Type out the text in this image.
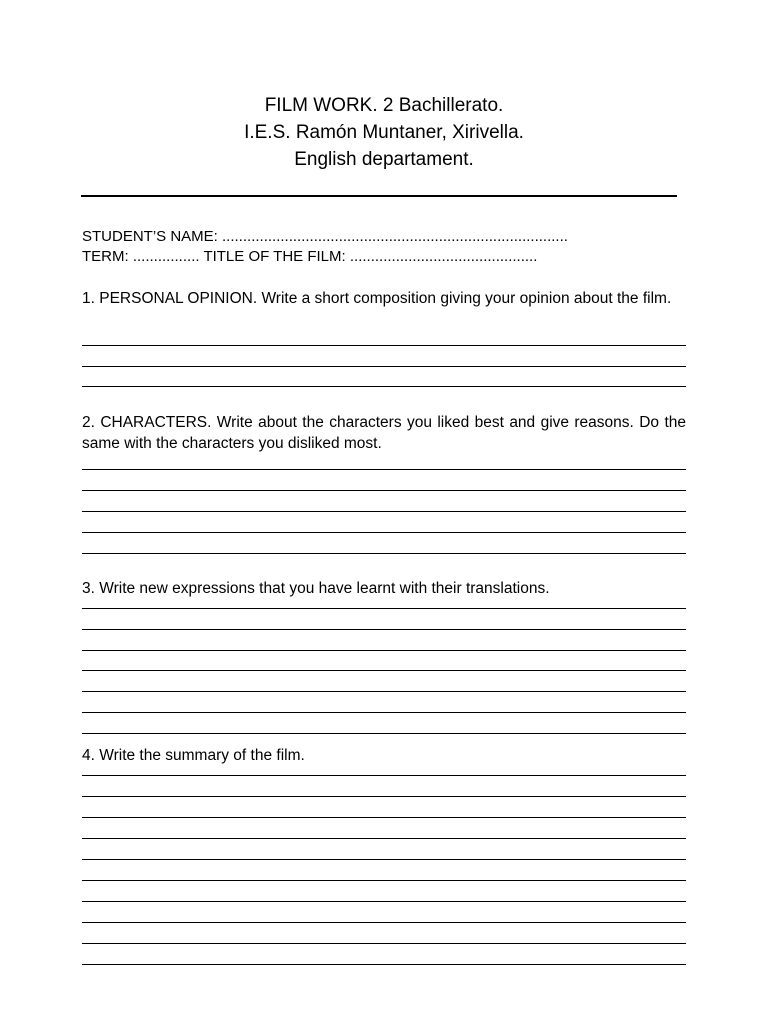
FILM WORK. 2 Bachillerato.
I.E.S. Ramón Muntaner, Xirivella.
English departament.
STUDENT’S NAME: ...................................................................................
TERM: ................ TITLE OF THE FILM: .............................................

1. PERSONAL OPINION. Write a short composition giving your opinion about the film.

2. CHARACTERS. Write about the characters you liked best and give reasons. Do the same with the characters you disliked most.

3. Write new expressions that you have learnt with their translations.

4. Write the summary of the film.
